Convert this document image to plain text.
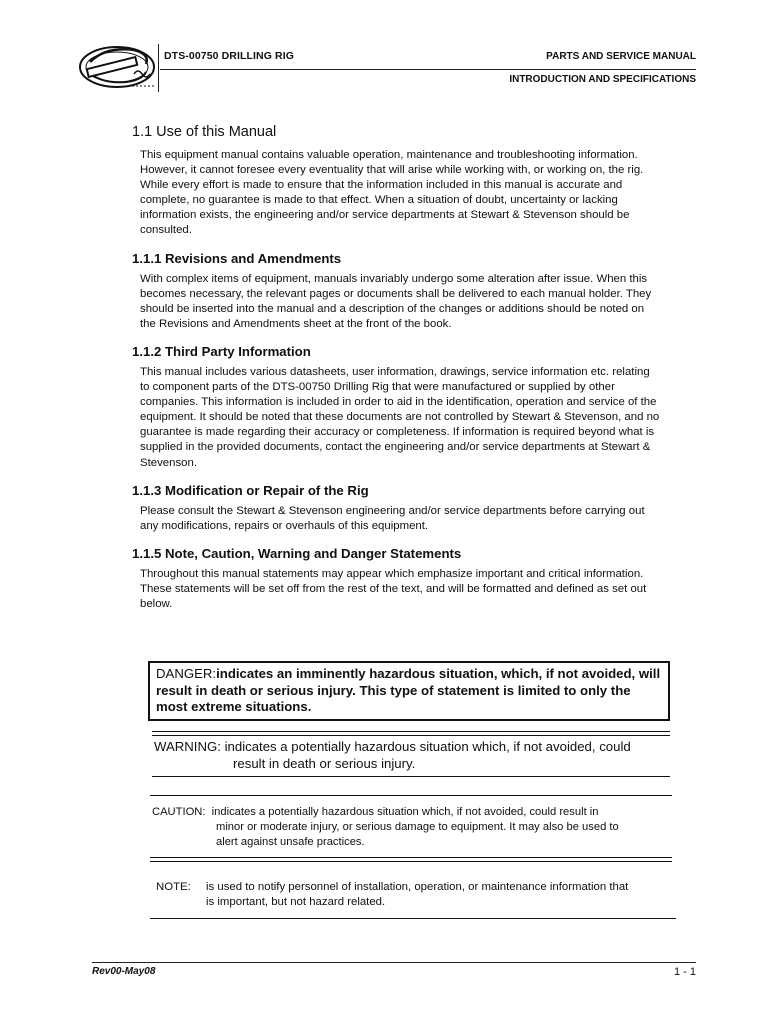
DTS-00750 DRILLING RIG	PARTS AND SERVICE MANUAL
INTRODUCTION AND SPECIFICATIONS
1.1 Use of this Manual

This equipment manual contains valuable operation, maintenance and troubleshooting information. However, it cannot foresee every eventuality that will arise while working with, or working on, the rig. While every effort is made to ensure that the information included in this manual is accurate and complete, no guarantee is made to that effect. When a situation of doubt, uncertainty or lacking information exists, the engineering and/or service departments at Stewart & Stevenson should be consulted.

1.1.1 Revisions and Amendments

With complex items of equipment, manuals invariably undergo some alteration after issue. When this becomes necessary, the relevant pages or documents shall be delivered to each manual holder. They should be inserted into the manual and a description of the changes or additions should be noted on the Revisions and Amendments sheet at the front of the book.

1.1.2 Third Party Information

This manual includes various datasheets, user information, drawings, service information etc. relating to component parts of the DTS-00750 Drilling Rig that were manufactured or supplied by other companies. This information is included in order to aid in the identification, operation and service of the equipment. It should be noted that these documents are not controlled by Stewart & Stevenson, and no guarantee is made regarding their accuracy or completeness. If information is required beyond what is supplied in the provided documents, contact the engineering and/or service departments at Stewart & Stevenson.

1.1.3 Modification or Repair of the Rig

Please consult the Stewart & Stevenson engineering and/or service departments before carrying out any modifications, repairs or overhauls of this equipment.

1.1.5 Note, Caution, Warning and Danger Statements

Throughout this manual statements may appear which emphasize important and critical information. These statements will be set off from the rest of the text, and will be formatted and defined as set out below.

DANGER:indicates an imminently hazardous situation, which, if not avoided, will result in death or serious injury. This type of statement is limited to only the most extreme situations.
WARNING: indicates a potentially hazardous situation which, if not avoided, could
result in death or serious injury.
CAUTION: indicates a potentially hazardous situation which, if not avoided, could result in
minor or moderate injury, or serious damage to equipment. It may also be used to
alert against unsafe practices.
NOTE: is used to notify personnel of installation, operation, or maintenance information that
is important, but not hazard related.
Rev00-May08	1 - 1
